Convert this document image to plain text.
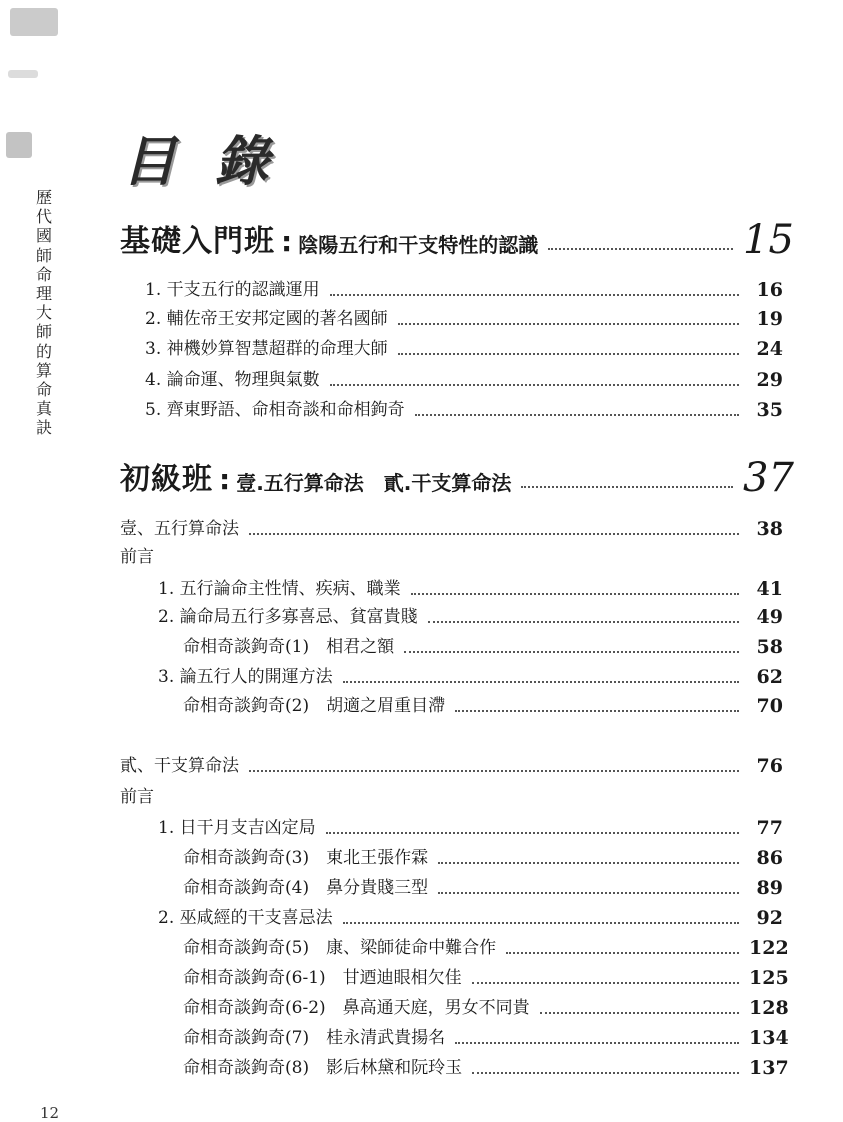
歷
代
國
師
命
理
大
師
的
算
命
真
訣
目 錄
基礎入門班 : 陰陽五行和干支特性的認識	15
1. 干支五行的認識運用	16
2. 輔佐帝王安邦定國的著名國師	19
3. 神機妙算智慧超群的命理大師	24
4. 論命運、物理與氣數	29
5. 齊東野語、命相奇談和命相鉤奇	35
初級班 : 壹.五行算命法　貳.干支算命法	37
壹、五行算命法	38
前言
1. 五行論命主性情、疾病、職業	41
2. 論命局五行多寡喜忌、貧富貴賤	49
命相奇談鉤奇(1)　相君之額	58
3. 論五行人的開運方法	62
命相奇談鉤奇(2)　胡適之眉重目滯	70
貳、干支算命法	76
前言
1. 日干月支吉凶定局	77
命相奇談鉤奇(3)　東北王張作霖	86
命相奇談鉤奇(4)　鼻分貴賤三型	89
2. 巫咸經的干支喜忌法	92
命相奇談鉤奇(5)　康、梁師徒命中難合作	122
命相奇談鉤奇(6-1)　甘迺迪眼相欠佳	125
命相奇談鉤奇(6-2)　鼻高通天庭，男女不同貴	128
命相奇談鉤奇(7)　桂永清武貴揚名	134
命相奇談鉤奇(8)　影后林黛和阮玲玉	137
12
